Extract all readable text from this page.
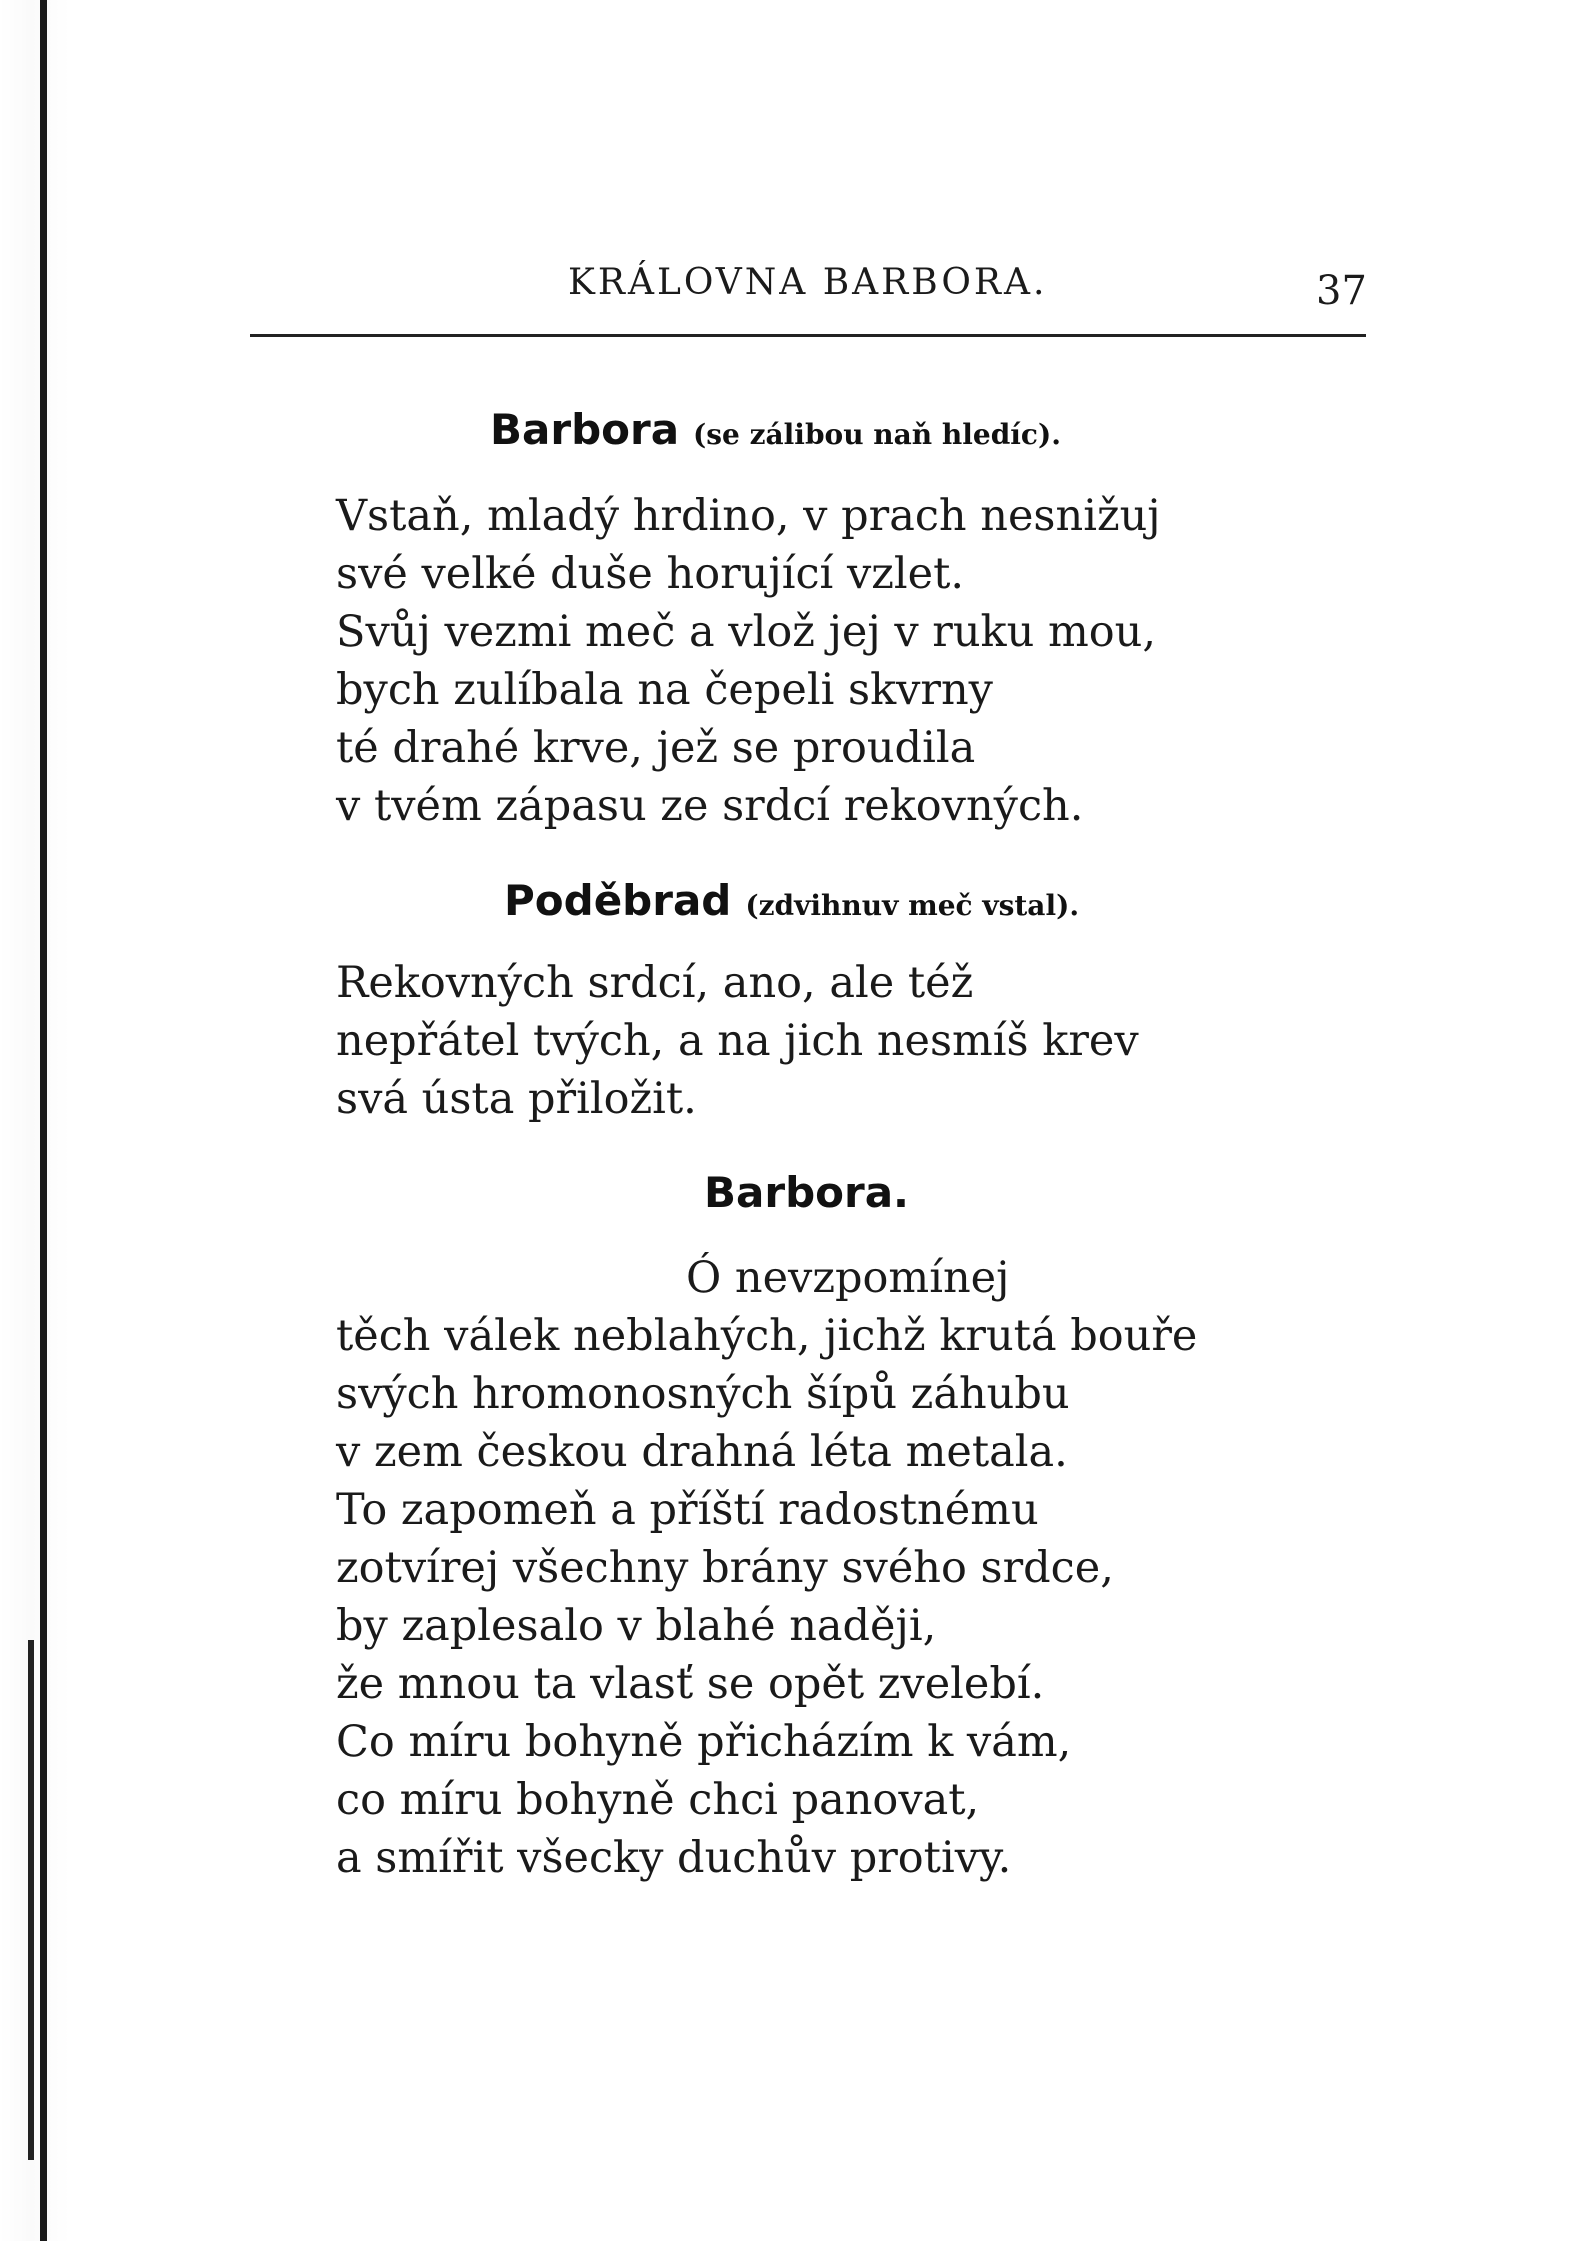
KRÁLOVNA BARBORA.	37
Barbora (se zálibou naň hledíc).
Vstaň, mladý hrdino, v prach nesnižuj
své velké duše horující vzlet.
Svůj vezmi meč a vlož jej v ruku mou,
bych zulíbala na čepeli skvrny
té drahé krve, jež se proudila
v tvém zápasu ze srdcí rekovných.
Poděbrad (zdvihnuv meč vstal).
Rekovných srdcí, ano, ale též
nepřátel tvých, a na jich nesmíš krev
svá ústa přiložit.
Barbora.
Ó nevzpomínej
těch válek neblahých, jichž krutá bouře
svých hromonosných šípů záhubu
v zem českou drahná léta metala.
To zapomeň a příští radostnému
zotvírej všechny brány svého srdce,
by zaplesalo v blahé naději,
že mnou ta vlasť se opět zvelebí.
Co míru bohyně přicházím k vám,
co míru bohyně chci panovat,
a smířit všecky duchův protivy.
